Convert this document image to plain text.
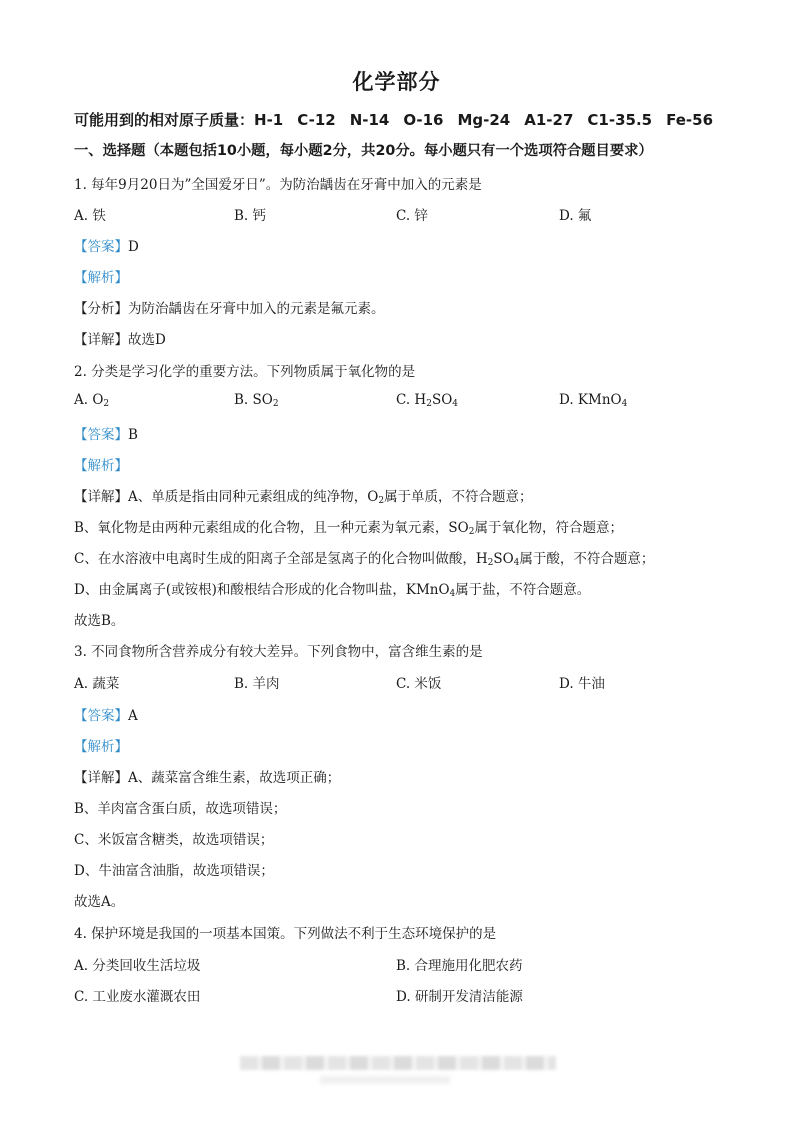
化学部分
可能用到的相对原子质量：H-1 C-12 N-14 O-16 Mg-24 A1-27 C1-35.5 Fe-56
一、选择题（本题包括10小题，每小题2分，共20分。每小题只有一个选项符合题目要求）
1. 每年9月20日为”全国爱牙日”。为防治龋齿在牙膏中加入的元素是
A. 铁	B. 钙	C. 锌	D. 氟
【答案】D
【解析】
【分析】为防治龋齿在牙膏中加入的元素是氟元素。
【详解】故选D
2. 分类是学习化学的重要方法。下列物质属于氧化物的是
A. $O_2$	B. $SO_2$	C. $H_2SO_4$	D. KMnO$_4$
【答案】B
【解析】
【详解】A、单质是指由同种元素组成的纯净物，$O_2$属于单质，不符合题意；
B、氧化物是由两种元素组成的化合物，且一种元素为氧元素，$SO_2$属于氧化物，符合题意；
C、在水溶液中电离时生成的阳离子全部是氢离子的化合物叫做酸，$H_2SO_4$属于酸，不符合题意；
D、由金属离子(或铵根)和酸根结合形成的化合物叫盐，KMnO$_4$属于盐，不符合题意。
故选B。
3. 不同食物所含营养成分有较大差异。下列食物中，富含维生素的是
A. 蔬菜	B. 羊肉	C. 米饭	D. 牛油
【答案】A
【解析】
【详解】A、蔬菜富含维生素，故选项正确；
B、羊肉富含蛋白质，故选项错误；
C、米饭富含糖类，故选项错误；
D、牛油富含油脂，故选项错误；
故选A。
4. 保护环境是我国的一项基本国策。下列做法不利于生态环境保护的是
A. 分类回收生活垃圾	B. 合理施用化肥农药
C. 工业废水灌溉农田	D. 研制开发清洁能源
